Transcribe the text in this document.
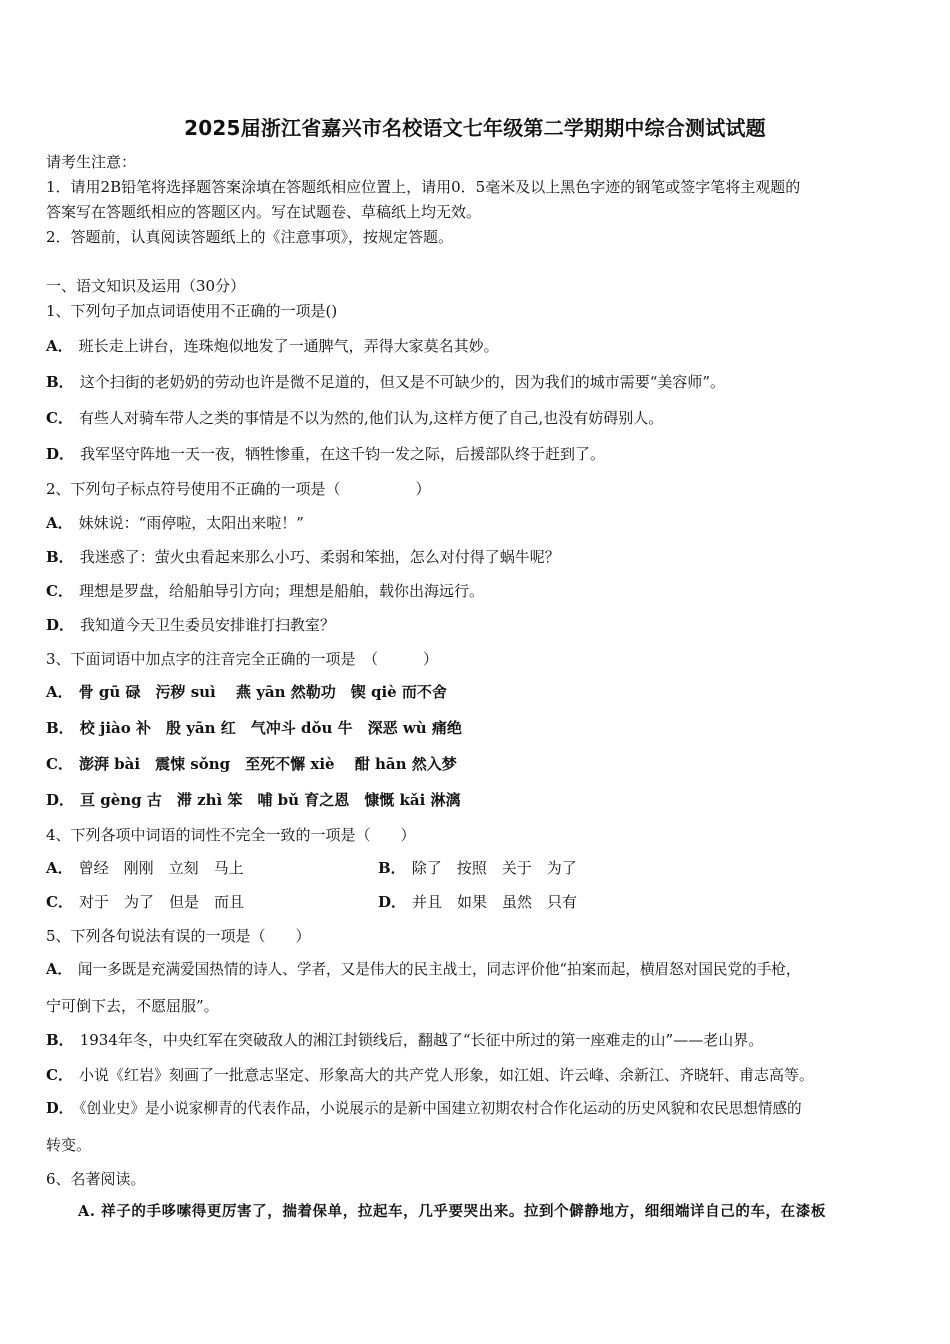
2025届浙江省嘉兴市名校语文七年级第二学期期中综合测试试题
请考生注意：
1．请用2B铅笔将选择题答案涂填在答题纸相应位置上，请用0．5毫米及以上黑色字迹的钢笔或签字笔将主观题的
答案写在答题纸相应的答题区内。写在试题卷、草稿纸上均无效。
2．答题前，认真阅读答题纸上的《注意事项》，按规定答题。
一、语文知识及运用（30分）
1、下列句子加点词语使用不正确的一项是()
A． 班长走上讲台，连珠炮似地发了一通脾气，弄得大家莫名其妙。
B． 这个扫街的老奶奶的劳动也许是微不足道的，但又是不可缺少的，因为我们的城市需要“美容师”。
C． 有些人对骑车带人之类的事情是不以为然的,他们认为,这样方便了自己,也没有妨碍别人。
D． 我军坚守阵地一天一夜，牺牲惨重，在这千钧一发之际，后援部队终于赶到了。
2、下列句子标点符号使用不正确的一项是（　　　　　）
A． 妹妹说：“雨停啦，太阳出来啦！”
B． 我迷惑了：萤火虫看起来那么小巧、柔弱和笨拙，怎么对付得了蜗牛呢？
C． 理想是罗盘，给船舶导引方向；理想是船舶，载你出海远行。
D． 我知道今天卫生委员安排谁打扫教室？
3、下面词语中加点字的注音完全正确的一项是　（　　　）
A． 骨 gū 碌　污秽 suì　 燕 yān 然勒功　锲 qiè 而不舍
B． 校 jiào 补　殷 yān 红　气冲斗 dǒu 牛　深恶 wù 痛绝
C． 澎湃 bài　震悚 sǒng　至死不懈 xiè　 酣 hān 然入梦
D． 亘 gèng 古　滞 zhì 笨　哺 bǔ 育之恩　慷慨 kǎi 淋漓
4、下列各项中词语的词性不完全一致的一项是（　　）
A． 曾经　刚刚　立刻　马上	B． 除了　按照　关于　为了
C． 对于　为了　但是　而且	D． 并且　如果　虽然　只有
5、下列各句说法有误的一项是（　　）
A． 闻一多既是充满爱国热情的诗人、学者，又是伟大的民主战士，同志评价他“拍案而起，横眉怒对国民党的手枪，
宁可倒下去，不愿屈服”。
B． 1934年冬，中央红军在突破敌人的湘江封锁线后，翻越了“长征中所过的第一座难走的山”——老山界。
C． 小说《红岩》刻画了一批意志坚定、形象高大的共产党人形象，如江姐、许云峰、余新江、齐晓轩、甫志高等。
D． 《创业史》是小说家柳青的代表作品，小说展示的是新中国建立初期农村合作化运动的历史风貌和农民思想情感的
转变。
6、名著阅读。
A. 祥子的手哆嗦得更厉害了，揣着保单，拉起车，几乎要哭出来。拉到个僻静地方，细细端详自己的车，在漆板
